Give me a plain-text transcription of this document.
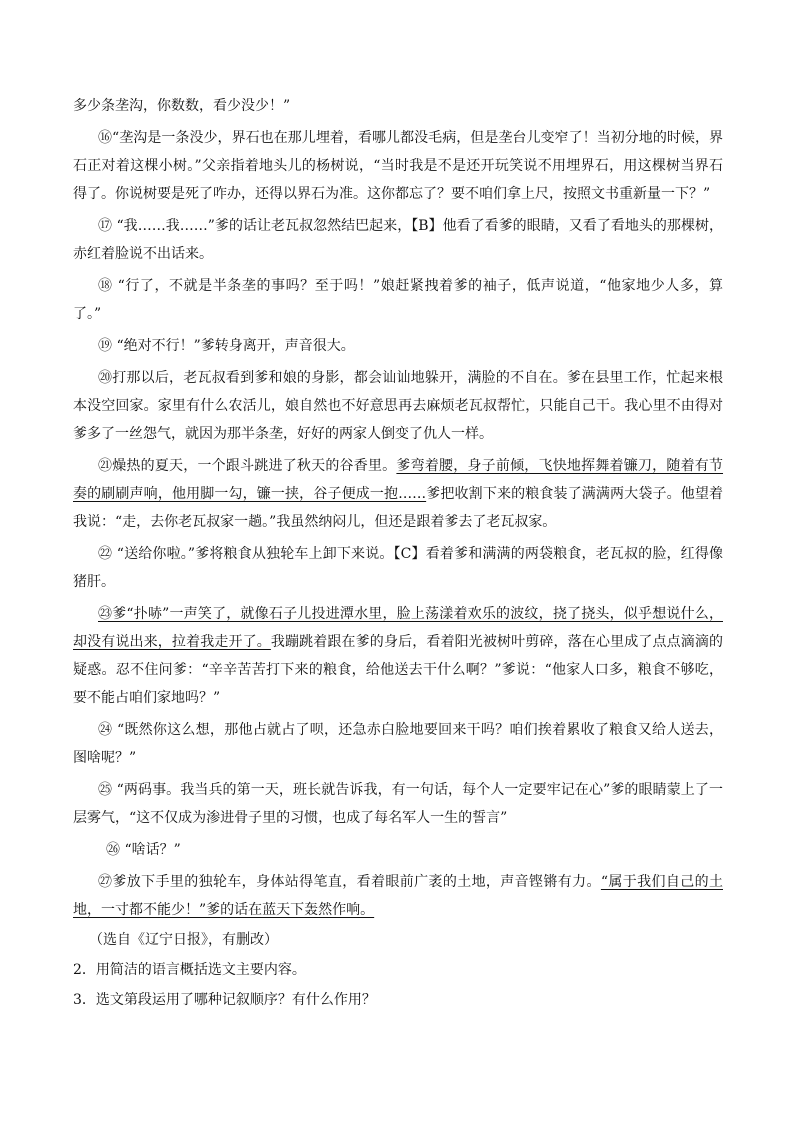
多少条垄沟，你数数，看少没少！”

⑯“垄沟是一条没少，界石也在那儿埋着，看哪儿都没毛病，但是垄台儿变窄了！当初分地的时候，界石正对着这棵小树。”父亲指着地头儿的杨树说，“当时我是不是还开玩笑说不用埋界石，用这棵树当界石得了。你说树要是死了咋办，还得以界石为准。这你都忘了？要不咱们拿上尺，按照文书重新量一下？”

⑰ “我……我……”爹的话让老瓦叔忽然结巴起来，【B】他看了看爹的眼睛，又看了看地头的那棵树，赤红着脸说不出话来。

⑱ “行了，不就是半条垄的事吗？至于吗！”娘赶紧拽着爹的袖子，低声说道，“他家地少人多，算了。”

⑲ “绝对不行！”爹转身离开，声音很大。

⑳打那以后，老瓦叔看到爹和娘的身影，都会讪讪地躲开，满脸的不自在。爹在县里工作，忙起来根本没空回家。家里有什么农活儿，娘自然也不好意思再去麻烦老瓦叔帮忙，只能自己干。我心里不由得对爹多了一丝怨气，就因为那半条垄，好好的两家人倒变了仇人一样。

㉑燥热的夏天，一个跟斗跳进了秋天的谷香里。爹弯着腰，身子前倾，飞快地挥舞着镰刀，随着有节奏的刷刷声响，他用脚一勾，镰一挟，谷子便成一抱……爹把收割下来的粮食装了满满两大袋子。他望着我说：“走，去你老瓦叔家一趟。”我虽然纳闷儿，但还是跟着爹去了老瓦叔家。

㉒ “送给你啦。”爹将粮食从独轮车上卸下来说。【C】看着爹和满满的两袋粮食，老瓦叔的脸，红得像猪肝。

㉓爹“扑哧”一声笑了，就像石子儿投进潭水里，脸上荡漾着欢乐的波纹，挠了挠头，似乎想说什么，却没有说出来，拉着我走开了。我蹦跳着跟在爹的身后，看着阳光被树叶剪碎，落在心里成了点点滴滴的疑惑。忍不住问爹：“辛辛苦苦打下来的粮食，给他送去干什么啊？”爹说：“他家人口多，粮食不够吃，要不能占咱们家地吗？”

㉔ “既然你这么想，那他占就占了呗，还急赤白脸地要回来干吗？咱们挨着累收了粮食又给人送去，图啥呢？”

㉕ “两码事。我当兵的第一天，班长就告诉我，有一句话，每个人一定要牢记在心”爹的眼睛蒙上了一层雾气，“这不仅成为渗进骨子里的习惯，也成了每名军人一生的誓言”

㉖ “啥话？”

㉗爹放下手里的独轮车，身体站得笔直，看着眼前广袤的土地，声音铿锵有力。“属于我们自己的土地，一寸都不能少！”爹的话在蓝天下轰然作响。

（选自《辽宁日报》，有删改）

2．用简洁的语言概括选文主要内容。

3．选文第段运用了哪种记叙顺序？有什么作用？
